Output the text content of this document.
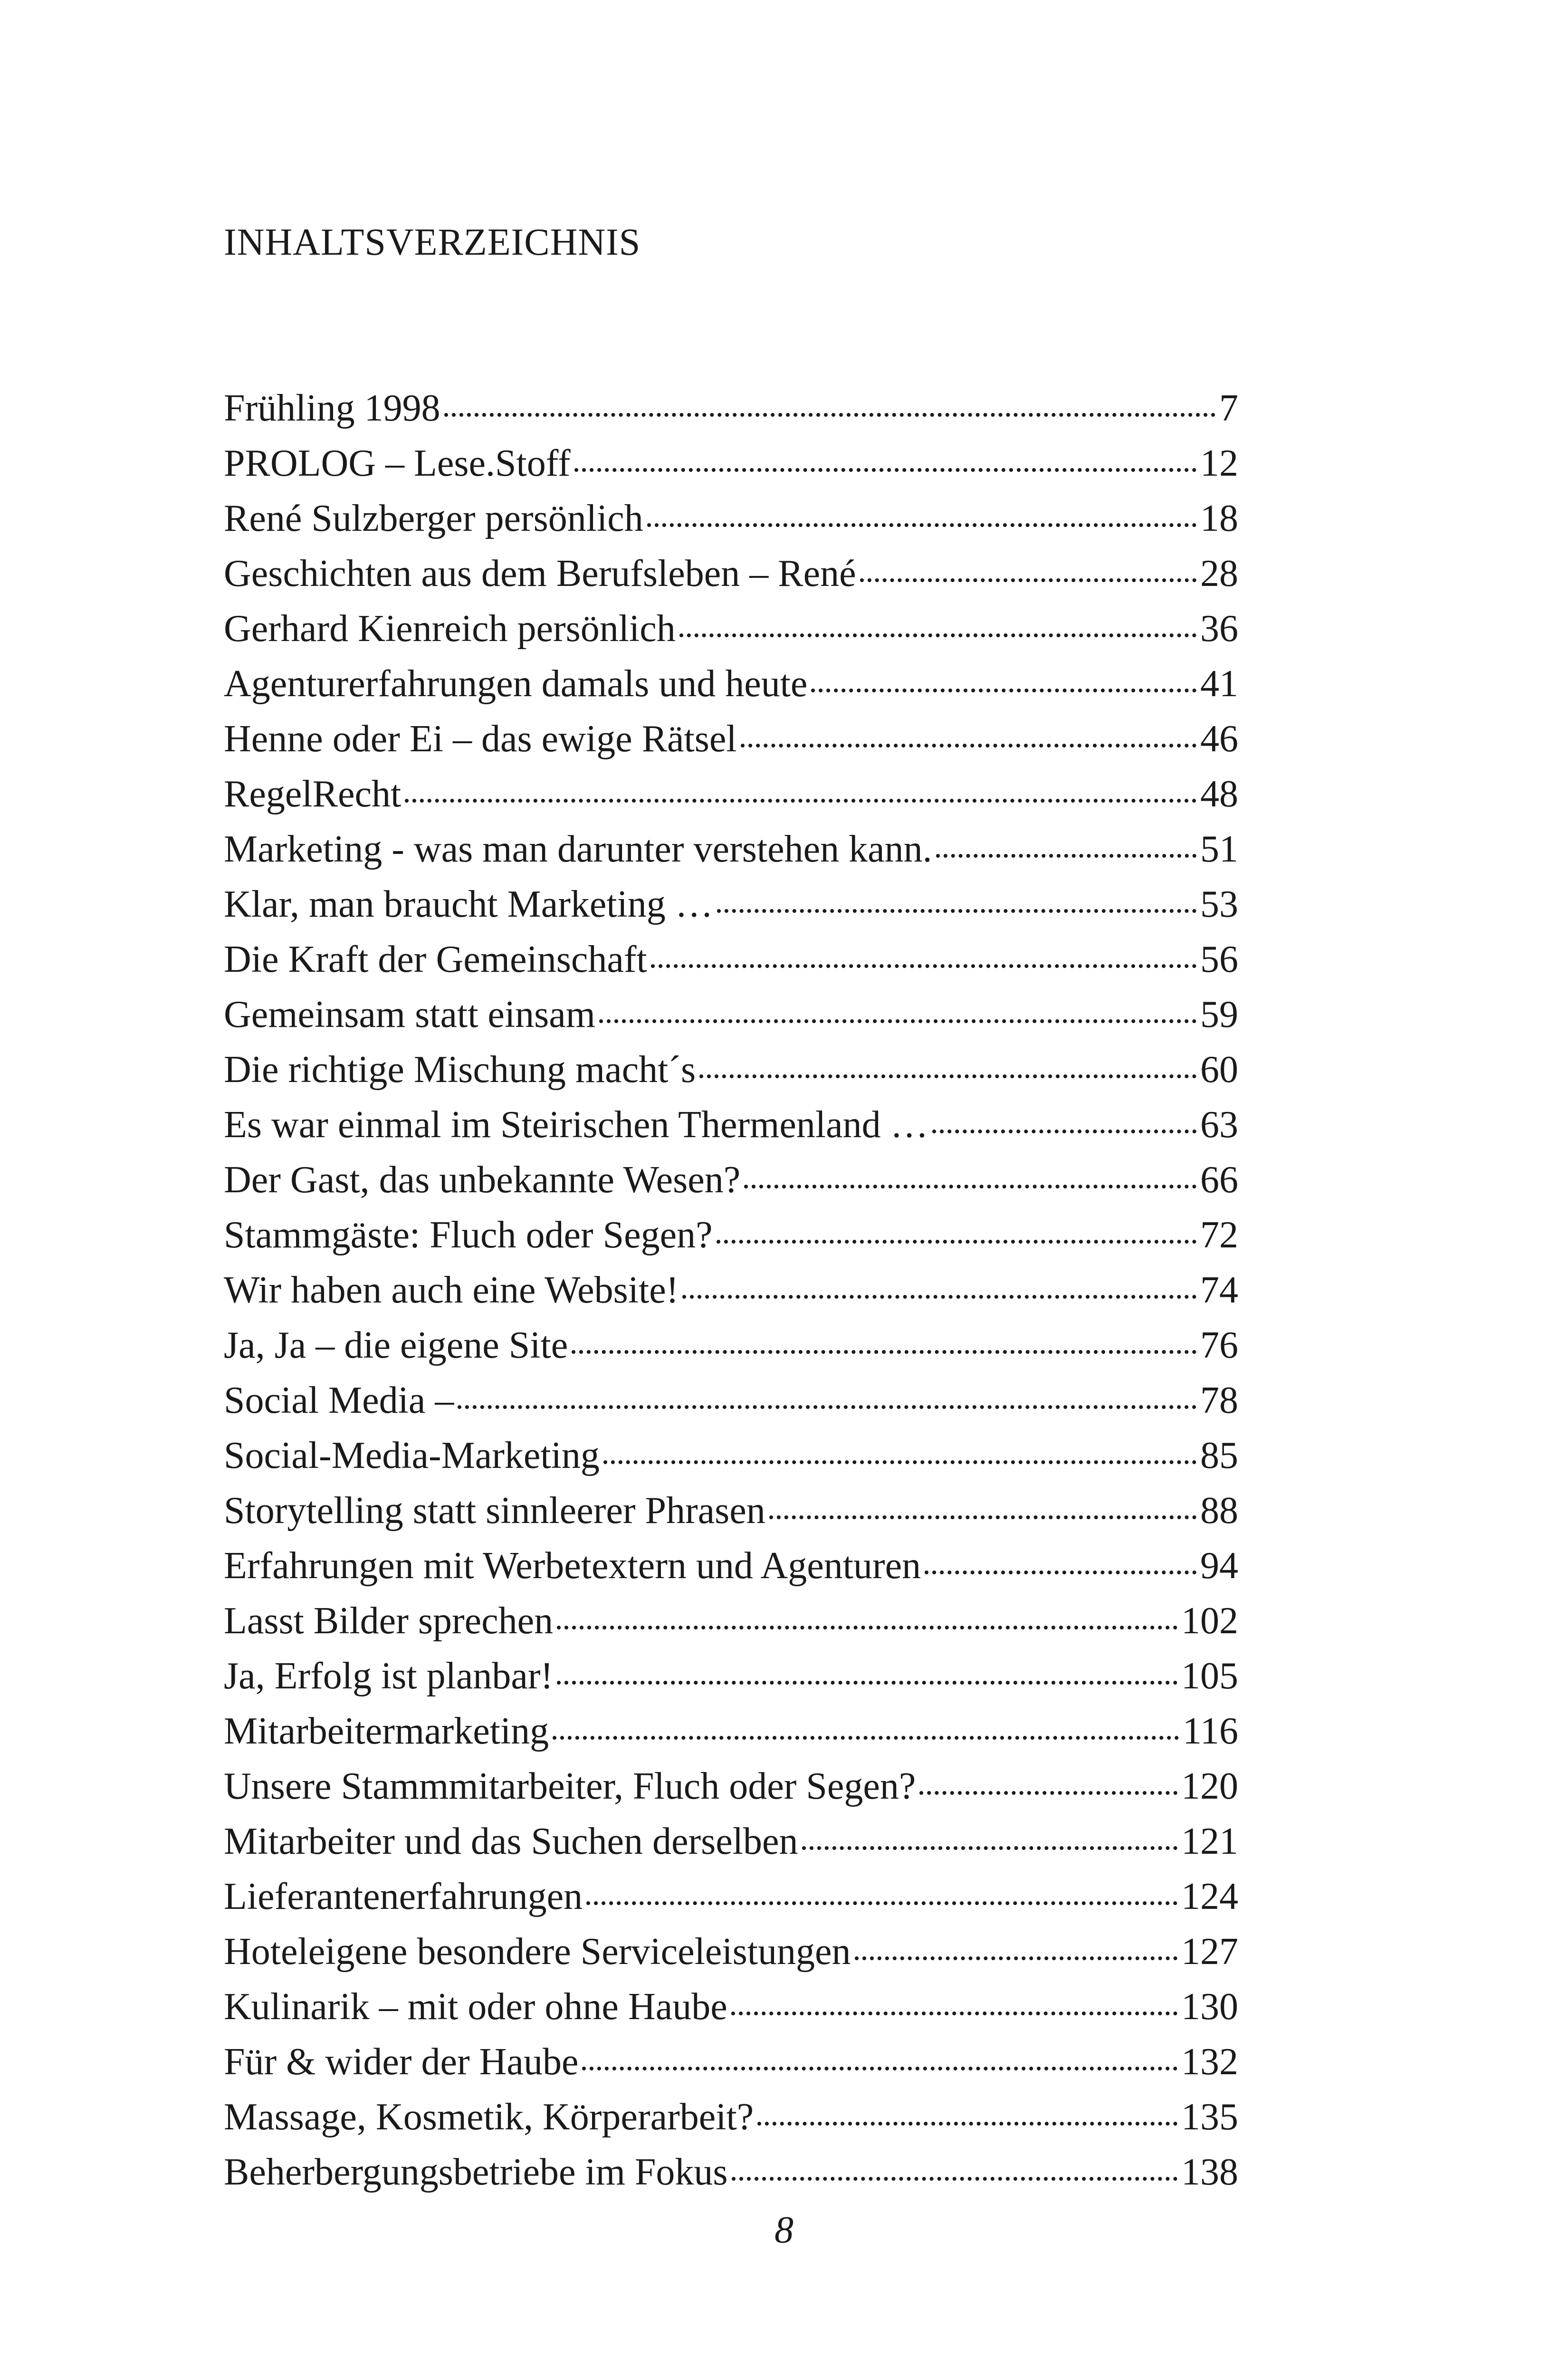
INHALTSVERZEICHNIS
Frühling 1998	7
PROLOG – Lese.Stoff	12
René Sulzberger persönlich	18
Geschichten aus dem Berufsleben – René	28
Gerhard Kienreich persönlich	36
Agenturerfahrungen damals und heute	41
Henne oder Ei – das ewige Rätsel	46
RegelRecht	48
Marketing - was man darunter verstehen kann.	51
Klar, man braucht Marketing …	53
Die Kraft der Gemeinschaft	56
Gemeinsam statt einsam	59
Die richtige Mischung macht´s	60
Es war einmal im Steirischen Thermenland …	63
Der Gast, das unbekannte Wesen?	66
Stammgäste: Fluch oder Segen?	72
Wir haben auch eine Website!	74
Ja, Ja – die eigene Site	76
Social Media –	78
Social-Media-Marketing	85
Storytelling statt sinnleerer Phrasen	88
Erfahrungen mit Werbetextern und Agenturen	94
Lasst Bilder sprechen	102
Ja, Erfolg ist planbar!	105
Mitarbeitermarketing	116
Unsere Stammmitarbeiter, Fluch oder Segen?	120
Mitarbeiter und das Suchen derselben	121
Lieferantenerfahrungen	124
Hoteleigene besondere Serviceleistungen	127
Kulinarik – mit oder ohne Haube	130
Für & wider der Haube	132
Massage, Kosmetik, Körperarbeit?	135
Beherbergungsbetriebe im Fokus	138
8
